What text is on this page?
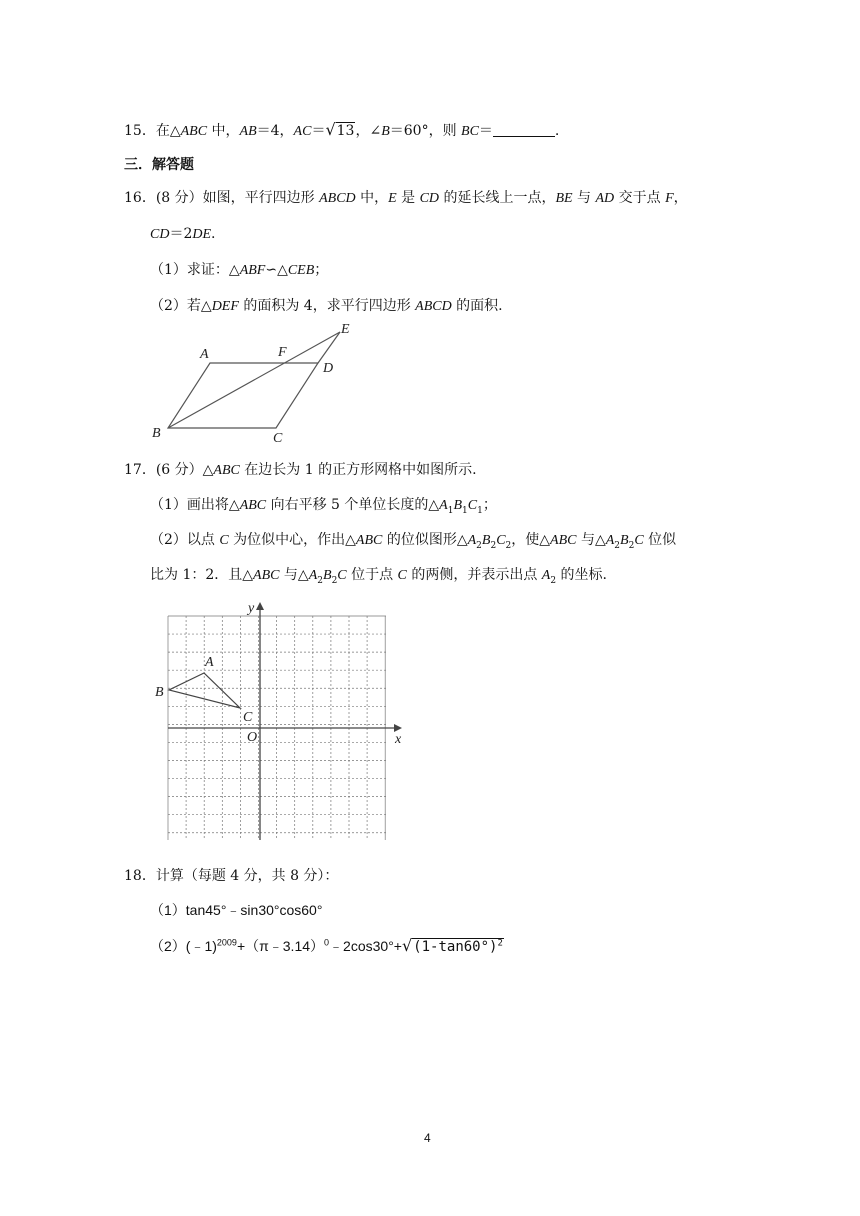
15．在△ABC 中，AB＝4，AC＝√13，∠B＝60°，则 BC＝	.
三．解答题
16．(8 分）如图，平行四边形 ABCD 中，E 是 CD 的延长线上一点，BE 与 AD 交于点 F，
CD＝2DE.
（1）求证：△ABF∽△CEB；
（2）若△DEF 的面积为 4，求平行四边形 ABCD 的面积.
A	F
D
E
B	C
17．(6 分）△ABC 在边长为 1 的正方形网格中如图所示.
（1）画出将△ABC 向右平移 5 个单位长度的$\triangle A_1B_1C_1$；
（2）以点 C 为位似中心，作出△ABC 的位似图形$\triangle A_2B_2C_2$，使△ABC 与$\triangle A_2B_2C$ 位似
比为 1：2．且△ABC 与$\triangle A_2B_2C$ 位于点 C 的两侧，并表示出点 $A_2$ 的坐标.
A
B
C
O	x
y
18．计算（每题 4 分，共 8 分）：
（1）tan45°﹣sin30°cos60°
$(2)(﹣1)^{2009}+(\pi﹣3.14)^0﹣2\cos 30^\circ+√(1-\tan 60^\circ)^2$
4
